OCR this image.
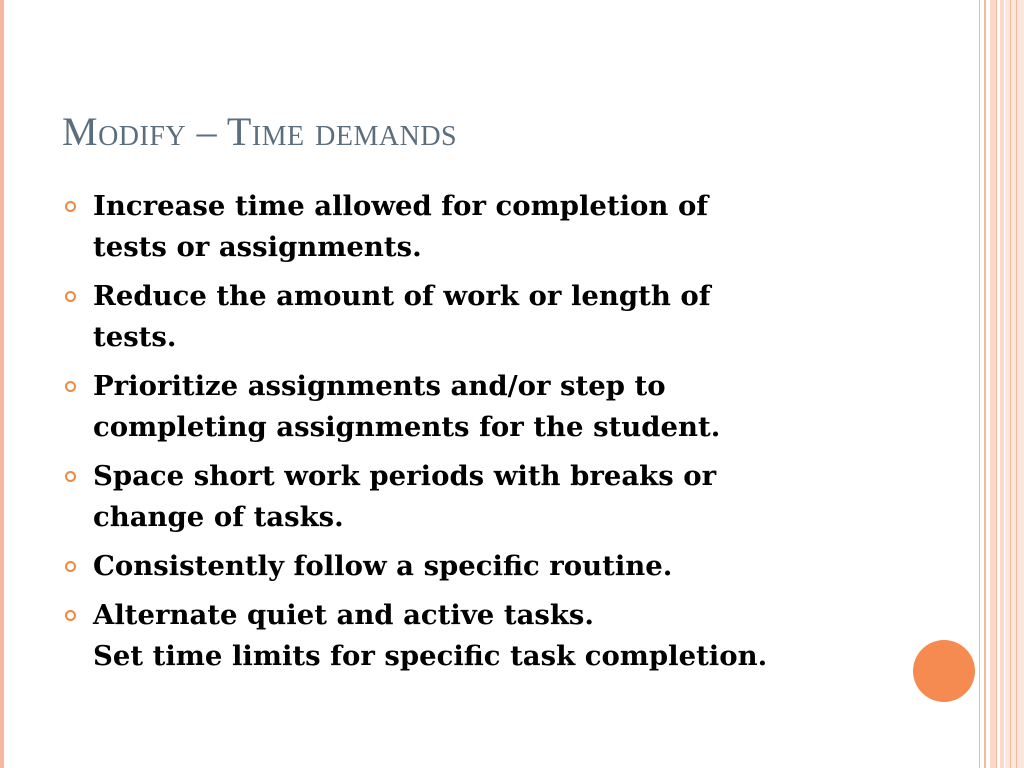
Modify – Time demands
Increase time allowed for completion of
tests or assignments.
Reduce the amount of work or length of
tests.
Prioritize assignments and/or step to
completing assignments for the student.
Space short work periods with breaks or
change of tasks.
Consistently follow a specific routine.
Alternate quiet and active tasks.
Set time limits for specific task completion.
